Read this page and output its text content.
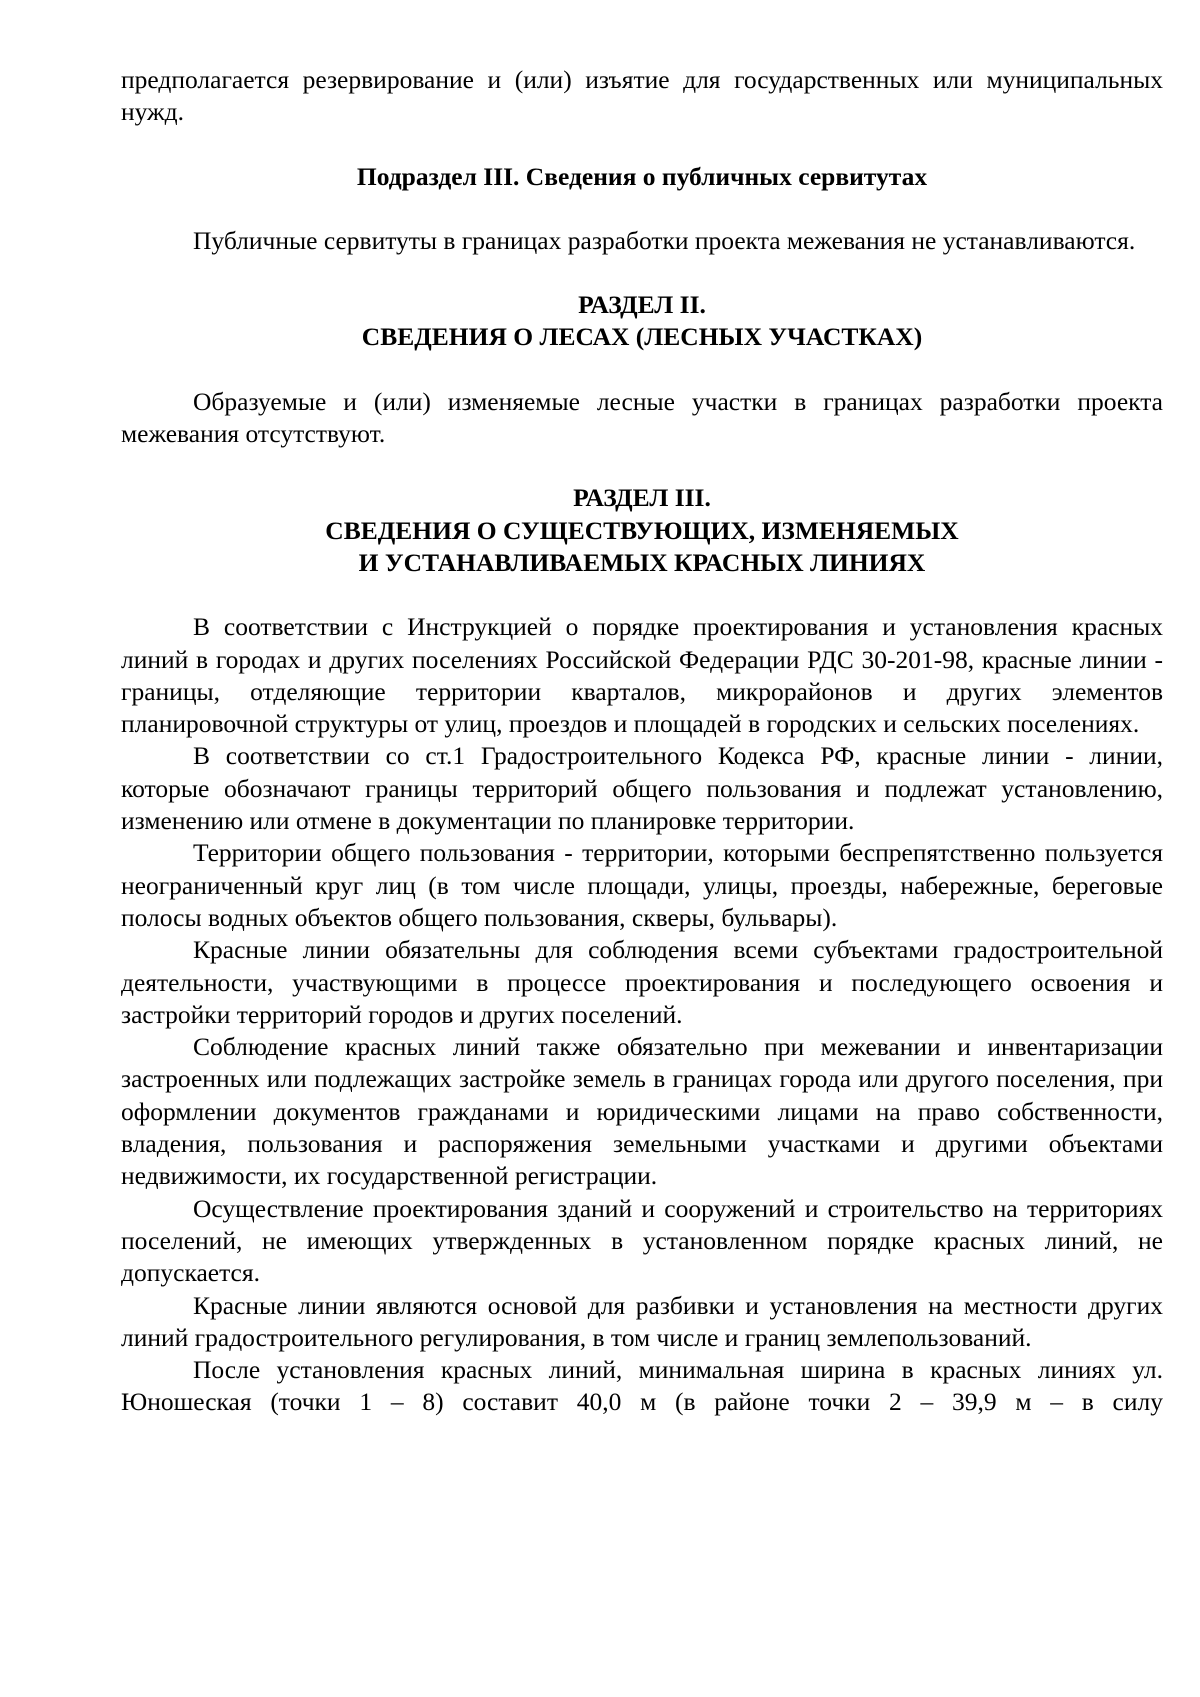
предполагается резервирование и (или) изъятие для государственных или муниципальных нужд.

Подраздел III. Сведения о публичных сервитутах

Публичные сервитуты в границах разработки проекта межевания не устанавливаются.

РАЗДЕЛ II.
СВЕДЕНИЯ О ЛЕСАХ (ЛЕСНЫХ УЧАСТКАХ)

Образуемые и (или) изменяемые лесные участки в границах разработки проекта межевания отсутствуют.

РАЗДЕЛ III.
СВЕДЕНИЯ О СУЩЕСТВУЮЩИХ, ИЗМЕНЯЕМЫХ
И УСТАНАВЛИВАЕМЫХ КРАСНЫХ ЛИНИЯХ

В соответствии с Инструкцией о порядке проектирования и установления красных линий в городах и других поселениях Российской Федерации РДС 30-201-98, красные линии - границы, отделяющие территории кварталов, микрорайонов и других элементов планировочной структуры от улиц, проездов и площадей в городских и сельских поселениях.

В соответствии со ст.1 Градостроительного Кодекса РФ, красные линии - линии, которые обозначают границы территорий общего пользования и подлежат установлению, изменению или отмене в документации по планировке территории.

Территории общего пользования - территории, которыми беспрепятственно пользуется неограниченный круг лиц (в том числе площади, улицы, проезды, набережные, береговые полосы водных объектов общего пользования, скверы, бульвары).

Красные линии обязательны для соблюдения всеми субъектами градостроительной деятельности, участвующими в процессе проектирования и последующего освоения и застройки территорий городов и других поселений.

Соблюдение красных линий также обязательно при межевании и инвентаризации застроенных или подлежащих застройке земель в границах города или другого поселения, при оформлении документов гражданами и юридическими лицами на право собственности, владения, пользования и распоряжения земельными участками и другими объектами недвижимости, их государственной регистрации.

Осуществление проектирования зданий и сооружений и строительство на территориях поселений, не имеющих утвержденных в установленном порядке красных линий, не допускается.

Красные линии являются основой для разбивки и установления на местности других линий градостроительного регулирования, в том числе и границ землепользований.

После установления красных линий, минимальная ширина в красных линиях ул. Юношеская (точки 1 – 8) составит 40,0 м (в районе точки 2 – 39,9 м – в силу
